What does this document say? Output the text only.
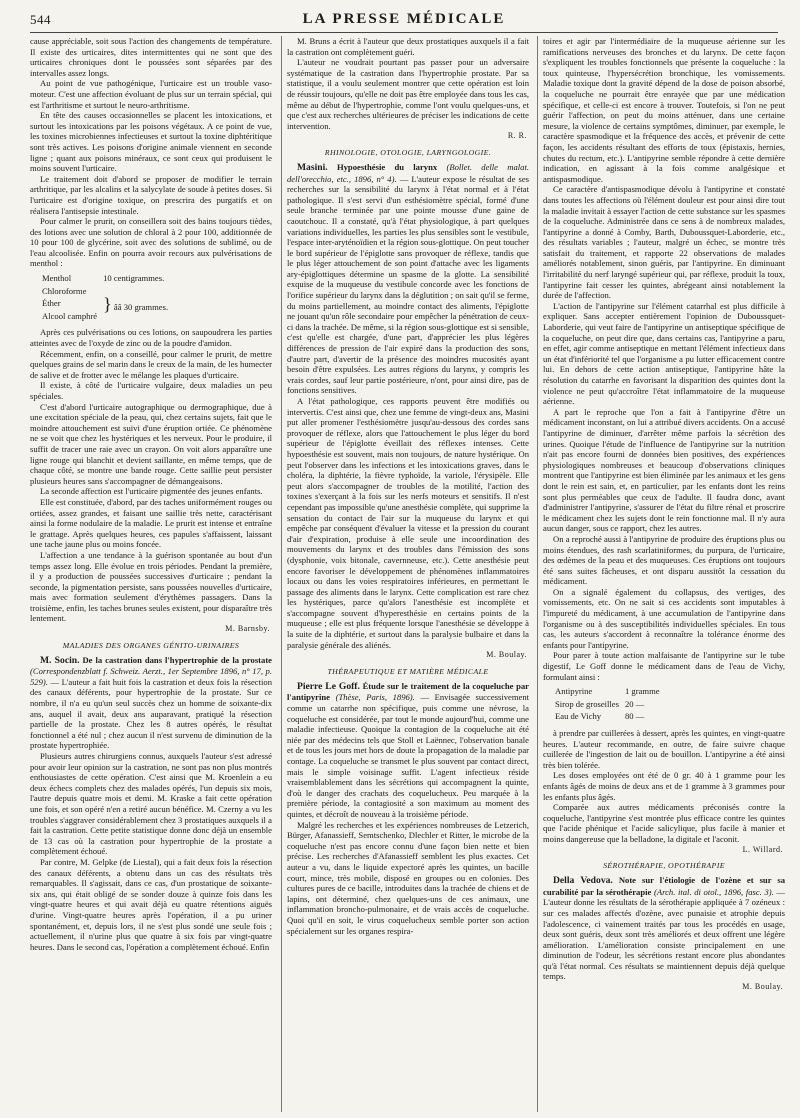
544	LA PRESSE MÉDICALE

cause appréciable, soit sous l'action des changements de température. Il existe des urticaires, dites intermittentes qui ne sont que des urticaires chroniques dont le poussées sont séparées par des intervalles assez longs.

Au point de vue pathogénique, l'urticaire est un trouble vaso-moteur. C'est une affection évoluant de plus sur un terrain spécial, qui est l'arthritisme et surtout le neuro-arthritisme.

En tête des causes occasionnelles se placent les intoxications, et surtout les intoxications par les poisons végétaux. A ce point de vue, les toxines microbiennes infectieuses et surtout la toxine diphtéritique sont très actives. Les poisons d'origine animale viennent en seconde ligne ; quant aux poisons minéraux, ce sont ceux qui produisent le moins souvent l'urticaire.

Le traitement doit d'abord se proposer de modifier le terrain arthritique, par les alcalins et la salycylate de soude à petites doses. Si l'urticaire est d'origine toxique, on prescrira des purgatifs et on réalisera l'antisepsie intestinale.

Pour calmer le prurit, on conseillera soit des bains toujours tièdes, des lotions avec une solution de chloral à 2 pour 100, additionnée de 10 pour 100 de glycérine, soit avec des solutions de sublimé, ou de l'eau alcoolisée. Enfin on pourra avoir recours aux pulvérisations de menthol :

Menthol	10 centigrammes.
Chloroforme	} ââ 30 grammes.
Éther	
Alcool camphré	

Après ces pulvérisations ou ces lotions, on saupoudrera les parties atteintes avec de l'oxyde de zinc ou de la poudre d'amidon.

Récemment, enfin, on a conseillé, pour calmer le prurit, de mettre quelques grains de sel marin dans le creux de la main, de les humecter de salive et de frotter avec le mélange les plaques d'urticaire.

Il existe, à côté de l'urticaire vulgaire, deux maladies un peu spéciales.

C'est d'abord l'urticaire autographique ou dermographique, due à une excitation spéciale de la peau, qui, chez certains sujets, fait que le moindre attouchement est suivi d'une éruption ortiée. Ce phénomène ne se voit que chez les hystériques et les nerveux. Pour le produire, il suffit de tracer une raie avec un crayon. On voit alors apparaître une ligne rouge qui blanchit et devient saillante, en même temps, que de chaque côté, se montre une bande rouge. Cette saillie peut persister plusieurs heures sans s'accompagner de démangeaisons.

La seconde affection est l'urticaire pigmentée des jeunes enfants.

Elle est constituée, d'abord, par des taches uniformément rouges ou ortiées, assez grandes, et faisant une saillie très nette, caractérisant ainsi la forme nodulaire de la maladie. Le prurit est intense et entraîne le grattage. Après quelques heures, ces papules s'affaissent, laissant une tache jaune plus ou moins foncée.

L'affection a une tendance à la guérison spontanée au bout d'un temps assez long. Elle évolue en trois périodes. Pendant la première, il y a production de poussées successives d'urticaire ; pendant la seconde, la pigmentation persiste, sans poussées nouvelles d'urticaire, mais avec formation seulement d'érythèmes passagers. Dans la troisième, enfin, les taches brunes seules existent, pour disparaître très lentement.

M. Barnsby.
MALADIES DES ORGANES GÉNITO-URINAIRES

M. Socin. De la castration dans l'hypertrophie de la prostate (Correspondenzblatt f. Schweiz. Aerzt., 1er Septembre 1896, n° 17, p. 529). — L'auteur a fait huit fois la castration et deux fois la résection des canaux déférents, pour hypertrophie de la prostate. Sur ce nombre, il n'a eu qu'un seul succès chez un homme de soixante-dix ans, auquel il avait, deux ans auparavant, pratiqué la résection partielle de la prostate. Chez les 8 autres opérés, le résultat fonctionnel a été nul ; chez aucun il n'est survenu de diminution de la prostate hypertrophiée.

Plusieurs autres chirurgiens connus, auxquels l'auteur s'est adressé pour avoir leur opinion sur la castration, ne sont pas non plus montrés enthousiastes de cette opération. C'est ainsi que M. Kroenlein a eu deux échecs complets chez des malades opérés, l'un depuis six mois, l'autre depuis quatre mois et demi. M. Kraske a fait cette opération une fois, et son opéré n'en a retiré aucun bénéfice. M. Czerny a vu les troubles s'aggraver considérablement chez 3 prostatiques auxquels il a fait la castration. Cette petite statistique donne donc déjà un ensemble de 13 cas où la castration pour hypertrophie de la prostate a complètement échoué.

Par contre, M. Gelpke (de Liestal), qui a fait deux fois la résection des canaux déférents, a obtenu dans un cas des résultats très remarquables. Il s'agissait, dans ce cas, d'un prostatique de soixante-six ans, qui était obligé de se sonder douze à quinze fois dans les vingt-quatre heures et qui avait déjà eu quatre rétentions aiguës d'urine. Vingt-quatre heures après l'opération, il a pu uriner spontanément, et, depuis lors, il ne s'est plus sondé une seule fois ; actuellement, il n'urine plus que quatre à six fois par vingt-quatre heures. Dans le second cas, l'opération a complètement échoué. Enfin

M. Bruns a écrit à l'auteur que deux prostatiques auxquels il a fait la castration ont complètement guéri.

L'auteur ne voudrait pourtant pas passer pour un adversaire systématique de la castration dans l'hypertrophie prostate. Par sa statistique, il a voulu seulement montrer que cette opération est loin de réussir toujours, qu'elle ne doit pas être employée dans tous les cas, même au début de l'hypertrophie, comme l'ont voulu quelques-uns, et que c'est aux recherches ultérieures de préciser les indications de cette intervention.

R. R.
RHINOLOGIE, OTOLOGIE, LARYNGOLOGIE.

Masini. Hypoesthésie du larynx (Bollet. delle malat. dell'orecchio, etc., 1896, n° 4). — L'auteur expose le résultat de ses recherches sur la sensibilité du larynx à l'état normal et à l'état pathologique. Il s'est servi d'un esthésiomètre spécial, formé d'une seule branche terminée par une pointe mousse d'une gaine de caoutchouc. Il a constaté, qu'à l'état physiologique, à part quelques variations individuelles, les parties les plus sensibles sont le vestibule, l'espace inter-aryténoïdien et la région sous-glottique. On peut toucher le bord supérieur de l'épiglotte sans provoquer de réflexe, tandis que le plus léger attouchement de son point d'attache avec les ligaments ary-épiglottiques détermine un spasme de la glotte. La sensibilité exquise de la muqueuse du vestibule concorde avec les fonctions de l'orifice supérieur du larynx dans la déglutition ; on sait qu'il se ferme, du moins partiellement, au moindre contact des aliments, l'épiglotte ne jouant qu'un rôle secondaire pour empêcher la pénétration de ceux-ci dans la trachée. De même, si la région sous-glottique est si sensible, c'est qu'elle est chargée, d'une part, d'apprécier les plus légères différences de pression de l'air expiré dans la production des sons, d'autre part, d'avertir de la présence des moindres mucosités ayant besoin d'être expulsées. Les autres régions du larynx, y compris les vrais cordes, sauf leur partie postérieure, n'ont, pour ainsi dire, pas de fonctions sensitives.

A l'état pathologique, ces rapports peuvent être modifiés ou intervertis. C'est ainsi que, chez une femme de vingt-deux ans, Masini put aller promener l'esthésiomètre jusqu'au-dessous des cordes sans provoquer de réflexe, alors que l'attouchement le plus léger du bord supérieur de l'épiglotte éveillait des réflexes intenses. Cette hypoesthésie est souvent, mais non toujours, de nature hystérique. On peut l'observer dans les infections et les intoxications graves, dans le choléra, la diphtérie, la fièvre typhoïde, la variole, l'érysipèle. Elle peut alors s'accompagner de troubles de la motilité, l'action des toxines s'exerçant à la fois sur les nerfs moteurs et sensitifs. Il n'est cependant pas impossible qu'une anesthésie complète, qui supprime la sensation du contact de l'air sur la muqueuse du larynx et qui empêche par conséquent d'évaluer la vitesse et la pression du courant d'air d'expiration, produise à elle seule une incoordination des mouvements du larynx et des troubles dans l'émission des sons (dysphonie, voix bitonale, cavernneuse, etc.). Cette anesthésie peut encore favoriser le développement de phénomènes inflammatoires locaux ou dans les voies respiratoires inférieures, en permettant le passage des aliments dans le larynx. Cette complication est rare chez les hystériques, parce qu'alors l'anesthésie est incomplète et s'accompagne souvent d'hyperesthésie en certains points de la muqueuse ; elle est plus fréquente lorsque l'anesthésie se développe à la suite de la diphtérie, et surtout dans la paralysie bulbaire et dans la paralysie générale des aliénés.

M. Boulay.
THÉRAPEUTIQUE ET MATIÈRE MÉDICALE

Pierre Le Goff. Étude sur le traitement de la coqueluche par l'antipyrine (Thèse, Paris, 1896). — Envisagée successivement comme un catarrhe non spécifique, puis comme une névrose, la coqueluche est considérée, par tout le monde aujourd'hui, comme une maladie infectieuse. Quoique la contagion de la coqueluche ait été niée par des médecins tels que Stoll et Laënnec, l'observation banale et de tous les jours met hors de doute la propagation de la maladie par contage. La coqueluche se transmet le plus souvent par contact direct, mais le simple voisinage suffit. L'agent infectieux réside vraisemblablement dans les sécrétions qui accompagnent la quinte, d'où le danger des crachats des coquelucheux. Peu marquée à la première période, la contagiosité a son maximum au moment des quintes, et décroît de nouveau à la troisième période.

Malgré les recherches et les expériences nombreuses de Letzerich, Bürger, Afanassieff, Semtschenko, Dlechler et Ritter, le microbe de la coqueluche n'est pas encore connu d'une façon bien nette et bien précise. Les recherches d'Afanassieff semblent les plus exactes. Cet auteur a vu, dans le liquide expectoré après les quintes, un bacille court, mince, très mobile, disposé en groupes ou en colonies. Des cultures pures de ce bacille, introduites dans la trachée de chiens et de lapins, ont déterminé, chez quelques-uns de ces animaux, une inflammation broncho-pulmonaire, et de vrais accès de coqueluche. Quoi qu'il en soit, le virus coquelucheux semble porter son action spécialement sur les organes respira-

toires et agir par l'intermédiaire de la muqueuse aérienne sur les ramifications nerveuses des bronches et du larynx. De cette façon s'expliquent les troubles fonctionnels que présente la coqueluche : la toux quinteuse, l'hypersécrétion bronchique, les vomissements. Maladie toxique dont la gravité dépend de la dose de poison absorbé, la coqueluche ne pourrait être enrayée que par une médication spécifique, et celle-ci est encore à trouver. Toutefois, si l'on ne peut guérir l'affection, on peut du moins atténuer, dans une certaine mesure, la violence de certains symptômes, diminuer, par exemple, le caractère spasmodique et la fréquence des accès, et prévenir de cette façon, les accidents résultant des efforts de toux (épistaxis, hernies, chutes du rectum, etc.). L'antipyrine semble répondre à cette dernière indication, en agissant à la fois comme analgésique et antispasmodique.

Ce caractère d'antispasmodique dévolu à l'antipyrine et constaté dans toutes les affections où l'élément douleur est pour ainsi dire tout la maladie invitait à essayer l'action de cette substance sur les spasmes de la coqueluche. Administrée dans ce sens à de nombreux malades, l'antipyrine a donné à Comby, Barth, Duboussquet-Laborderie, etc., des résultats variables ; l'auteur, malgré un échec, se montre très satisfait du traitement, et rapporte 22 observations de malades améliorés notablement, sinon guéris, par l'antipyrine. En diminuant l'irritabilité du nerf laryngé supérieur qui, par réflexe, produit la toux, l'antipyrine fait cesser les quintes, abrégeant ainsi notablement la durée de l'affection.

L'action de l'antipyrine sur l'élément catarrhal est plus difficile à expliquer. Sans accepter entièrement l'opinion de Duboussquet-Laborderie, qui veut faire de l'antipyrine un antiseptique spécifique de la coqueluche, on peut dire que, dans certains cas, l'antipyrine a paru, en effet, agir comme antiseptique en mettant l'élément infectieux dans un état d'infériorité tel que l'organisme a pu lutter efficacement contre lui. En dehors de cette action antiseptique, l'antipyrine hâte la résolution du catarrhe en favorisant la disparition des quintes dont la violence ne peut qu'accroître l'état inflammatoire de la muqueuse aérienne.

A part le reproche que l'on a fait à l'antipyrine d'être un médicament inconstant, on lui a attribué divers accidents. On a accusé l'antipyrine de diminuer, d'arrêter même parfois la sécrétion des urines. Quoique l'étude de l'influence de l'antipyrine sur la nutrition n'ait pas encore fourni de données bien positives, des expériences physiologiques nombreuses et beaucoup d'observations cliniques montrent que l'antipyrine est bien éliminée par les animaux et les gens dont le rein est sain, et, en particulier, par les enfants dont les reins sont plus perméables que ceux de l'adulte. Il faudra donc, avant d'administrer l'antipyrine, s'assurer de l'état du filtre rénal et proscrire le médicament chez les sujets dont le rein fonctionne mal. Il n'y aura aucun danger, sous ce rapport, chez les autres.

On a reproché aussi à l'antipyrine de produire des éruptions plus ou moins étendues, des rash scarlatiniformes, du purpura, de l'urticaire, des œdèmes de la peau et des muqueuses. Ces éruptions ont toujours été sans suites fâcheuses, et ont disparu aussitôt la cessation du médicament.

On a signalé également du collapsus, des vertiges, des vomissements, etc. On ne sait si ces accidents sont imputables à l'impureté du médicament, à une accumulation de l'antipyrine dans l'organisme ou à des susceptibilités individuelles spéciales. En tous cas, les auteurs s'accordent à reconnaître la tolérance énorme des enfants pour l'antipyrine.

Pour parer à toute action malfaisante de l'antipyrine sur le tube digestif, Le Goff donne le médicament dans de l'eau de Vichy, formulant ainsi :

Antipyrine	1 gramme
Sirop de groseilles	20 —
Eau de Vichy	80 —

à prendre par cuillerées à dessert, après les quintes, en vingt-quatre heures. L'auteur recommande, en outre, de faire suivre chaque cuillerée de l'ingestion de lait ou de bouillon. L'antipyrine a été ainsi très bien tolérée.

Les doses employées ont été de 0 gr. 40 à 1 gramme pour les enfants âgés de moins de deux ans et de 1 gramme à 3 grammes pour les enfants plus âgés.

Comparée aux autres médicaments préconisés contre la coqueluche, l'antipyrine s'est montrée plus efficace contre les quintes que l'acide phénique et l'acide salicylique, plus facile à manier et moins dangereuse que la belladone, la digitale et l'aconit.

L. Willard.
SÉROTHÉRAPIE, OPOTHÉRAPIE

Della Vedova. Note sur l'étiologie de l'ozène et sur sa curabilité par la sérothérapie (Arch. ital. di otol., 1896, fasc. 3). — L'auteur donne les résultats de la sérothérapie appliquée à 7 ozéneux : sur ces malades affectés d'ozène, avec punaisie et atrophie depuis l'adolescence, ci vainement traités par tous les procédés en usage, deux sont guéris, deux sont très améliorés et deux offrent une légère amélioration. L'amélioration consiste principalement en une diminution de l'odeur, les sécrétions restant encore plus abondantes qu'à l'état normal. Ces résultats se maintiennent depuis déjà quelque temps.

M. Boulay.
